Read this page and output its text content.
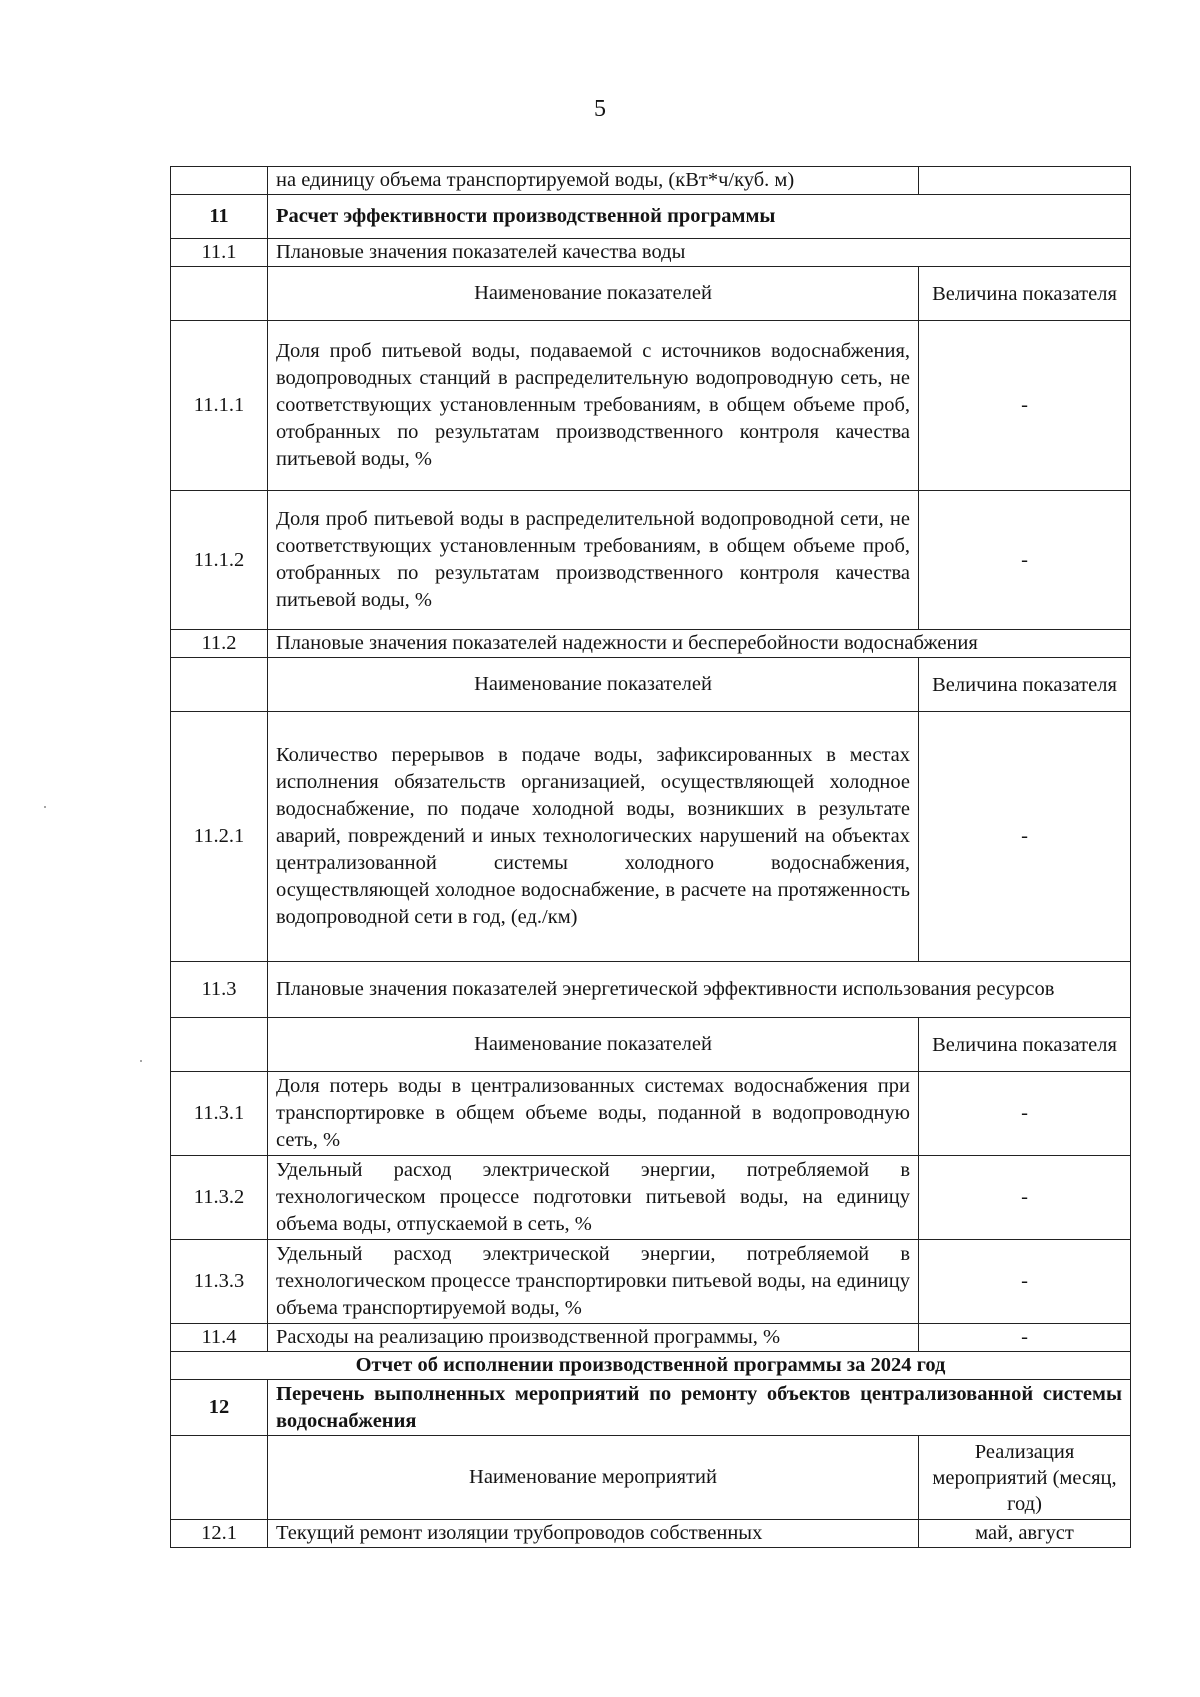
5
	на единицу объема транспортируемой воды, (кВт*ч/куб. м)	
11	Расчет эффективности производственной программы	
11.1	Плановые значения показателей качества воды	
	Наименование показателей	Величина показателя
11.1.1	Доля проб питьевой воды, подаваемой с источников водоснабжения, водопроводных станций в распределительную водопроводную сеть, не соответствующих установленным требованиям, в общем объеме проб, отобранных по результатам производственного контроля качества питьевой воды, %	-
11.1.2	Доля проб питьевой воды в распределительной водопроводной сети, не соответствующих установленным требованиям, в общем объеме проб, отобранных по результатам производственного контроля качества питьевой воды, %	-
11.2	Плановые значения показателей надежности и бесперебойности водоснабжения	
	Наименование показателей	Величина показателя
11.2.1	Количество перерывов в подаче воды, зафиксированных в местах исполнения обязательств организацией, осуществляющей холодное водоснабжение, по подаче холодной воды, возникших в результате аварий, повреждений и иных технологических нарушений на объектах централизованной системы холодного водоснабжения, осуществляющей холодное водоснабжение, в расчете на протяженность водопроводной сети в год, (ед./км)	-
11.3	Плановые значения показателей энергетической эффективности использования ресурсов	
	Наименование показателей	Величина показателя
11.3.1	Доля потерь воды в централизованных системах водоснабжения при транспортировке в общем объеме воды, поданной в водопроводную сеть, %	-
11.3.2	Удельный расход электрической энергии, потребляемой в технологическом процессе подготовки питьевой воды, на единицу объема воды, отпускаемой в сеть, %	-
11.3.3	Удельный расход электрической энергии, потребляемой в технологическом процессе транспортировки питьевой воды, на единицу объема транспортируемой воды, %	-
11.4	Расходы на реализацию производственной программы, %	-
Отчет об исполнении производственной программы за 2024 год		
12	Перечень выполненных мероприятий по ремонту объектов централизованной системы водоснабжения	
	Наименование мероприятий	Реализация мероприятий (месяц, год)
12.1	Текущий ремонт изоляции трубопроводов собственных	май, август
